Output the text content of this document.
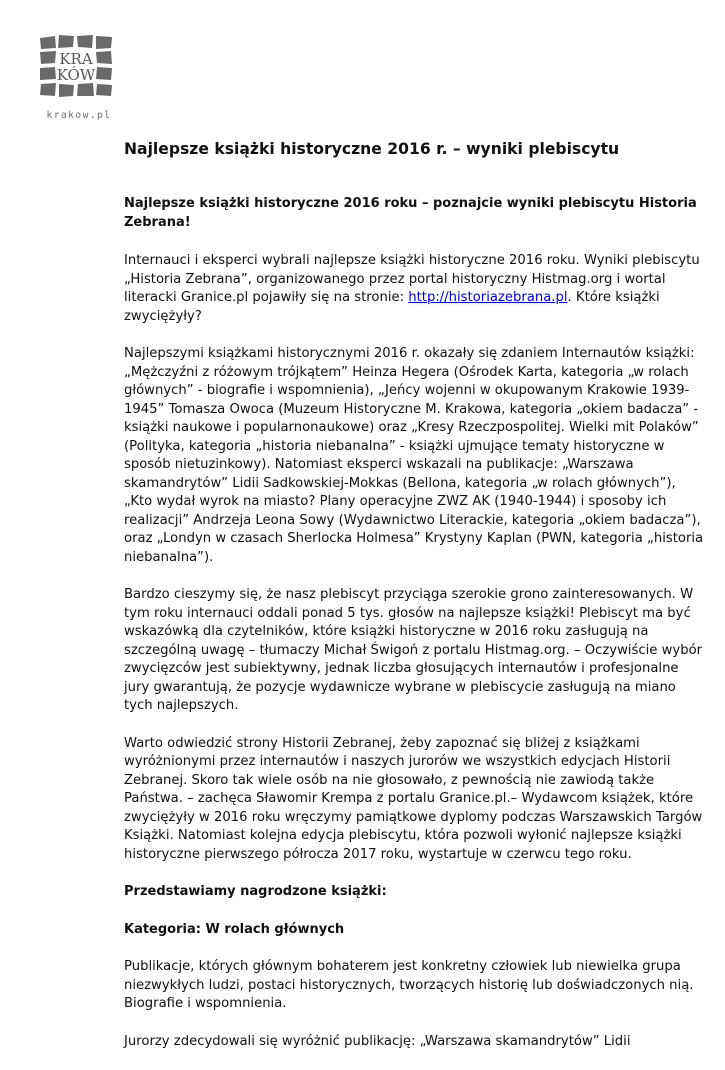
KRA
KÓW
krakow.pl
Najlepsze książki historyczne 2016 r. – wyniki plebiscytu
Najlepsze książki historyczne 2016 roku – poznajcie wyniki plebiscytu Historia Zebrana!

Internauci i eksperci wybrali najlepsze książki historyczne 2016 roku. Wyniki plebiscytu „Historia Zebrana”, organizowanego przez portal historyczny Histmag.org i wortal literacki Granice.pl pojawiły się na stronie: http://historiazebrana.pl. Które książki zwyciężyły?

Najlepszymi książkami historycznymi 2016 r. okazały się zdaniem Internautów książki: „Mężczyźni z różowym trójkątem” Heinza Hegera (Ośrodek Karta, kategoria „w rolach głównych” - biografie i wspomnienia), „Jeńcy wojenni w okupowanym Krakowie 1939-1945” Tomasza Owoca (Muzeum Historyczne M. Krakowa, kategoria „okiem badacza” - książki naukowe i popularnonaukowe) oraz „Kresy Rzeczpospolitej. Wielki mit Polaków” (Polityka, kategoria „historia niebanalna” - książki ujmujące tematy historyczne w sposób nietuzinkowy). Natomiast eksperci wskazali na publikacje: „Warszawa skamandrytów” Lidii Sadkowskiej-Mokkas (Bellona, kategoria „w rolach głównych”), „Kto wydał wyrok na miasto? Plany operacyjne ZWZ AK (1940-1944) i sposoby ich realizacji” Andrzeja Leona Sowy (Wydawnictwo Literackie, kategoria „okiem badacza”), oraz „Londyn w czasach Sherlocka Holmesa” Krystyny Kaplan (PWN, kategoria „historia niebanalna”).

Bardzo cieszymy się, że nasz plebiscyt przyciąga szerokie grono zainteresowanych. W tym roku internauci oddali ponad 5 tys. głosów na najlepsze książki! Plebiscyt ma być wskazówką dla czytelników, które książki historyczne w 2016 roku zasługują na szczególną uwagę – tłumaczy Michał Świgoń z portalu Histmag.org. – Oczywiście wybór zwycięzców jest subiektywny, jednak liczba głosujących internautów i profesjonalne jury gwarantują, że pozycje wydawnicze wybrane w plebiscycie zasługują na miano tych najlepszych.

Warto odwiedzić strony Historii Zebranej, żeby zapoznać się bliżej z książkami wyróżnionymi przez internautów i naszych jurorów we wszystkich edycjach Historii Zebranej. Skoro tak wiele osób na nie głosowało, z pewnością nie zawiodą także Państwa. – zachęca Sławomir Krempa z portalu Granice.pl.– Wydawcom książek, które zwyciężyły w 2016 roku wręczymy pamiątkowe dyplomy podczas Warszawskich Targów Książki. Natomiast kolejna edycja plebiscytu, która pozwoli wyłonić najlepsze książki historyczne pierwszego półrocza 2017 roku, wystartuje w czerwcu tego roku.

Przedstawiamy nagrodzone książki:
Kategoria: W rolach głównych

Publikacje, których głównym bohaterem jest konkretny człowiek lub niewielka grupa niezwykłych ludzi, postaci historycznych, tworzących historię lub doświadczonych nią. Biografie i wspomnienia.

Jurorzy zdecydowali się wyróżnić publikację: „Warszawa skamandrytów” Lidii
